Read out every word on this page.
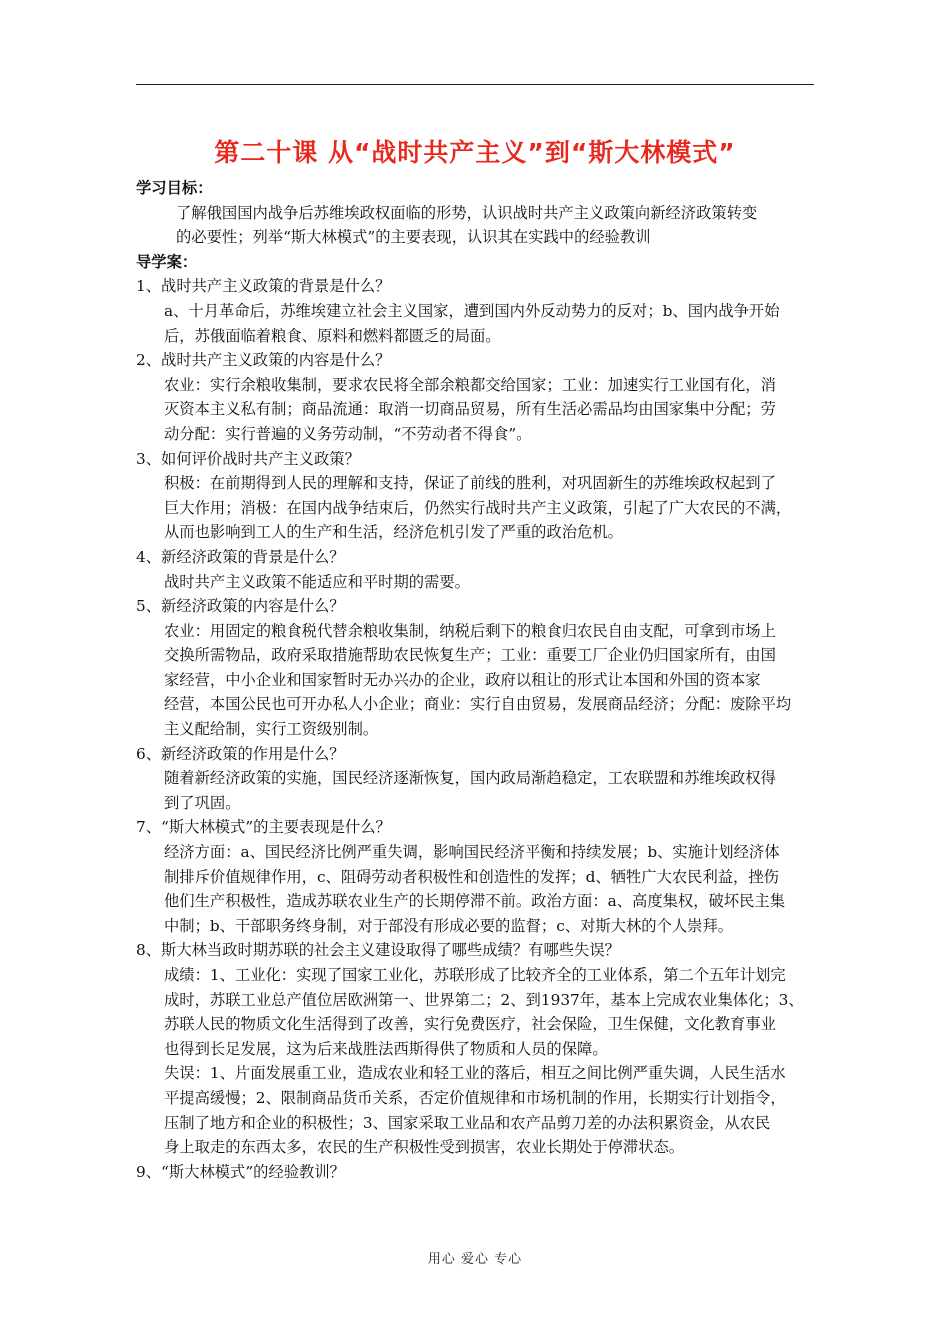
第二十课 从“战时共产主义”到“斯大林模式”
学习目标：
了解俄国国内战争后苏维埃政权面临的形势，认识战时共产主义政策向新经济政策转变
的必要性；列举“斯大林模式”的主要表现，认识其在实践中的经验教训
导学案：
1、战时共产主义政策的背景是什么？
a、十月革命后，苏维埃建立社会主义国家，遭到国内外反动势力的反对；b、国内战争开始
后，苏俄面临着粮食、原料和燃料都匮乏的局面。
2、战时共产主义政策的内容是什么？
农业：实行余粮收集制，要求农民将全部余粮都交给国家；工业：加速实行工业国有化，消
灭资本主义私有制；商品流通：取消一切商品贸易，所有生活必需品均由国家集中分配；劳
动分配：实行普遍的义务劳动制，“不劳动者不得食”。
3、如何评价战时共产主义政策？
积极：在前期得到人民的理解和支持，保证了前线的胜利，对巩固新生的苏维埃政权起到了
巨大作用；消极：在国内战争结束后，仍然实行战时共产主义政策，引起了广大农民的不满，
从而也影响到工人的生产和生活，经济危机引发了严重的政治危机。
4、新经济政策的背景是什么？
战时共产主义政策不能适应和平时期的需要。
5、新经济政策的内容是什么？
农业：用固定的粮食税代替余粮收集制，纳税后剩下的粮食归农民自由支配，可拿到市场上
交换所需物品，政府采取措施帮助农民恢复生产；工业：重要工厂企业仍归国家所有，由国
家经营，中小企业和国家暂时无办兴办的企业，政府以租让的形式让本国和外国的资本家
经营，本国公民也可开办私人小企业；商业：实行自由贸易，发展商品经济；分配：废除平均
主义配给制，实行工资级别制。
6、新经济政策的作用是什么？
随着新经济政策的实施，国民经济逐渐恢复，国内政局渐趋稳定，工农联盟和苏维埃政权得
到了巩固。
7、“斯大林模式”的主要表现是什么？
经济方面：a、国民经济比例严重失调，影响国民经济平衡和持续发展；b、实施计划经济体
制排斥价值规律作用，c、阻碍劳动者积极性和创造性的发挥；d、牺牲广大农民利益，挫伤
他们生产积极性，造成苏联农业生产的长期停滞不前。政治方面：a、高度集权，破坏民主集
中制；b、干部职务终身制，对于部没有形成必要的监督；c、对斯大林的个人崇拜。
8、斯大林当政时期苏联的社会主义建设取得了哪些成绩？有哪些失误？
成绩：1、工业化：实现了国家工业化，苏联形成了比较齐全的工业体系，第二个五年计划完
成时，苏联工业总产值位居欧洲第一、世界第二；2、到1937年，基本上完成农业集体化；3、
苏联人民的物质文化生活得到了改善，实行免费医疗，社会保险，卫生保健，文化教育事业
也得到长足发展，这为后来战胜法西斯得供了物质和人员的保障。
失误：1、片面发展重工业，造成农业和轻工业的落后，相互之间比例严重失调，人民生活水
平提高缓慢；2、限制商品货币关系，否定价值规律和市场机制的作用，长期实行计划指令，
压制了地方和企业的积极性；3、国家采取工业品和农产品剪刀差的办法积累资金，从农民
身上取走的东西太多，农民的生产积极性受到损害，农业长期处于停滞状态。
9、“斯大林模式”的经验教训？
用心 爱心 专心
